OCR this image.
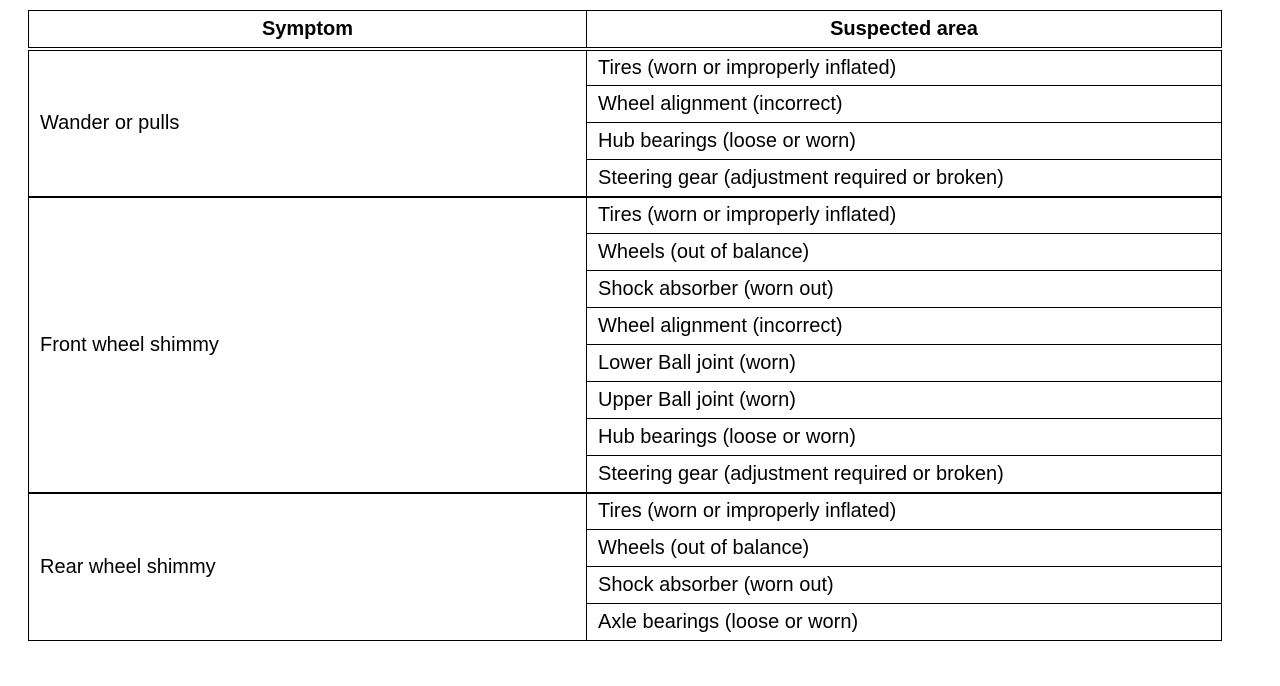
Symptom	Suspected area
Wander or pulls	Tires (worn or improperly inflated)
	Wheel alignment (incorrect)
	Hub bearings (loose or worn)
	Steering gear (adjustment required or broken)
Front wheel shimmy	Tires (worn or improperly inflated)
	Wheels (out of balance)
	Shock absorber (worn out)
	Wheel alignment (incorrect)
	Lower Ball joint (worn)
	Upper Ball joint (worn)
	Hub bearings (loose or worn)
	Steering gear (adjustment required or broken)
Rear wheel shimmy	Tires (worn or improperly inflated)
	Wheels (out of balance)
	Shock absorber (worn out)
	Axle bearings (loose or worn)
